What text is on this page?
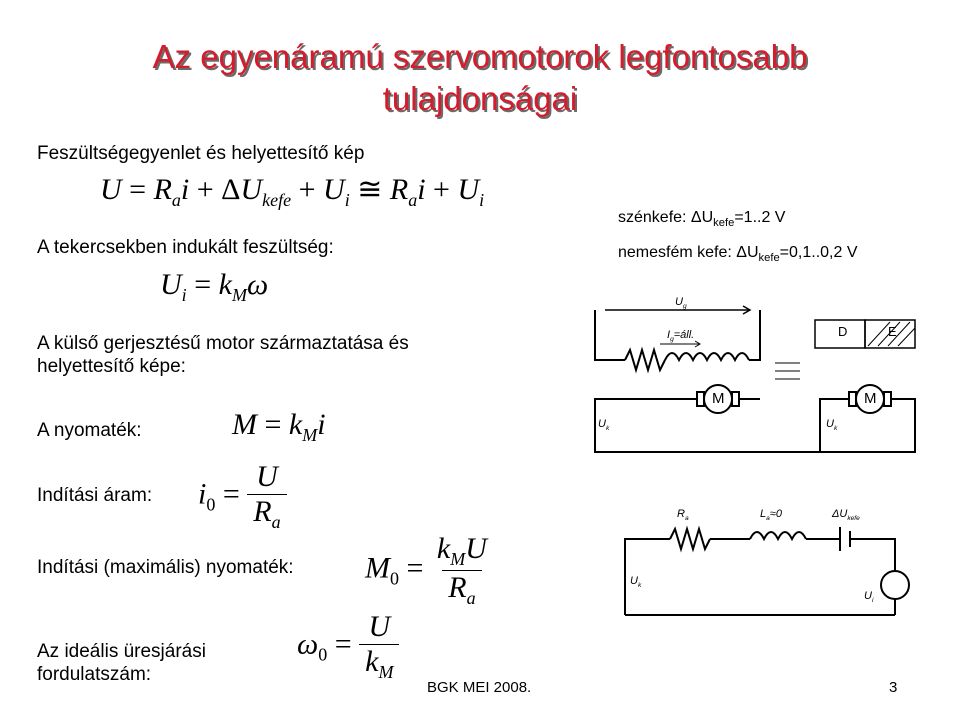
Az egyenáramú szervomotorok legfontosabb
tulajdonságai
Feszültségegyenlet és helyettesítő kép
A tekercsekben indukált feszültség:
A külső gerjesztésű motor származtatása és
helyettesítő képe:
A nyomaték:
Indítási áram:
Indítási (maximális) nyomaték:
Az ideális üresjárási
fordulatszám:
$U = R_ai + \Delta U_{kefe} + U_i$ ≅ $R_ai + U_i$
$U_i = k_M\omega$
$M = k_Mi$
$i_0 = \frac{U}{R_a}$
$M_0 = \frac{k_MU}{R_a}$
$\omega_0 = \frac{U}{k_M}$
szénkefe: $\Delta U_{kefe}=1..2$ V
nemesfém kefe: $\Delta U_{kefe}=0,1..0,2$ V
$U_g$
$I_g=áll$.
M	M
$U_k$	$U_k$
D	E
$R_a$	$L_a\approx 0$	$\Delta U_{kefe}$
$U_k$
$U_i$
BGK MEI 2008.	3
